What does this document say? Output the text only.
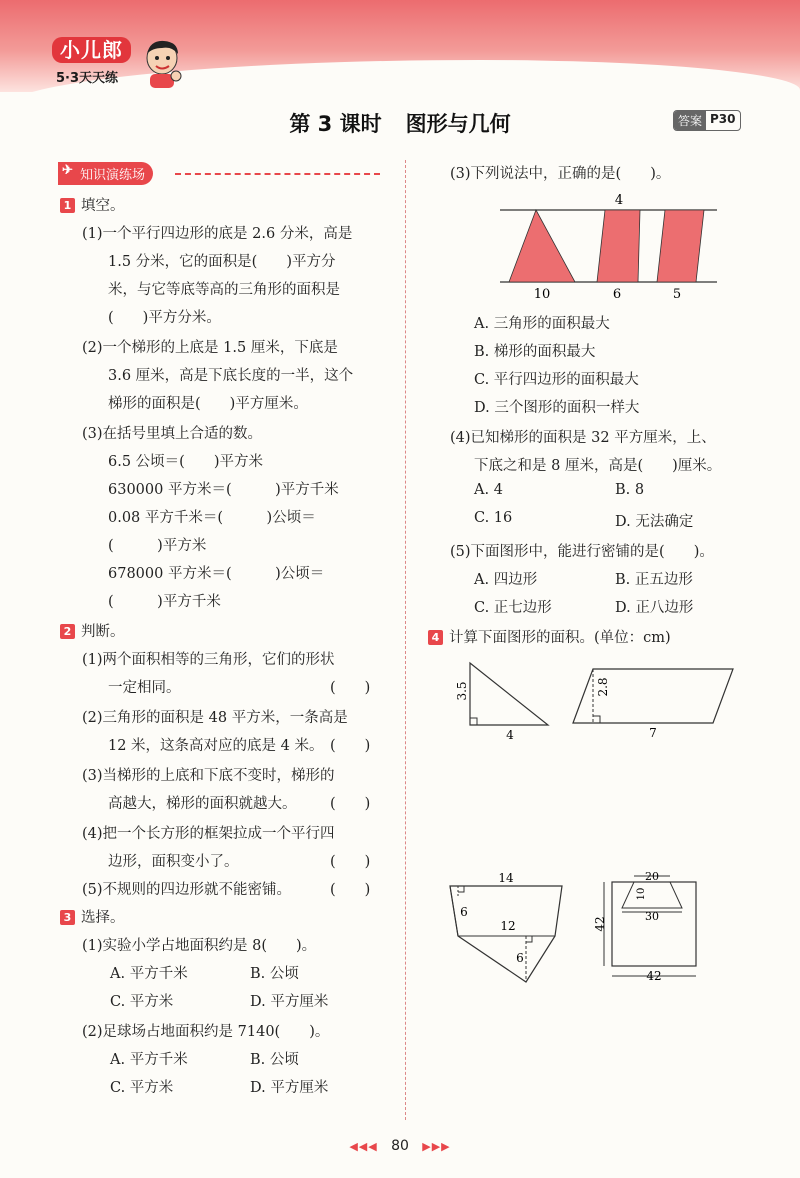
小儿郎
5·3天天练
第 3 课时 图形与几何	答案 P30
知识演练场
✈
1 填空。
(1)一个平行四边形的底是 2.6 分米，高是
1.5 分米，它的面积是(　　)平方分
米，与它等底等高的三角形的面积是
(　　)平方分米。
(2)一个梯形的上底是 1.5 厘米，下底是
3.6 厘米，高是下底长度的一半，这个
梯形的面积是(　　)平方厘米。
(3)在括号里填上合适的数。
6.5 公顷＝(　　)平方米
630000 平方米＝(　　　)平方千米
0.08 平方千米＝(　　　)公顷＝
(　　　)平方米
678000 平方米＝(　　　)公顷＝
(　　　)平方千米
2 判断。
(1)两个面积相等的三角形，它们的形状
一定相同。	(　　)
(2)三角形的面积是 48 平方米，一条高是
12 米，这条高对应的底是 4 米。 (　　)
(3)当梯形的上底和下底不变时，梯形的
高越大，梯形的面积就越大。 (　　)
(4)把一个长方形的框架拉成一个平行四
边形，面积变小了。	(　　)
(5)不规则的四边形就不能密铺。	(　　)
3 选择。
(1)实验小学占地面积约是 8(　　)。
A. 平方千米	B. 公顷
C. 平方米	D. 平方厘米
(2)足球场占地面积约是 7140(　　)。
A. 平方千米	B. 公顷
C. 平方米	D. 平方厘米
(3)下列说法中，正确的是(　　)。
4
10	6	5
A. 三角形的面积最大
B. 梯形的面积最大
C. 平行四边形的面积最大
D. 三个图形的面积一样大
(4)已知梯形的面积是 32 平方厘米，上、
下底之和是 8 厘米，高是(　　)厘米。
A. 4	B. 8
C. 16	D. 无法确定
(5)下面图形中，能进行密铺的是(　　)。
A. 四边形	B. 正五边形
C. 正七边形	D. 正八边形
4 计算下面图形的面积。(单位：cm)
3.5
4
2.8
7
14
6
12
6
20
30
10
42
42
◀◀◀ 80 ▶▶▶
